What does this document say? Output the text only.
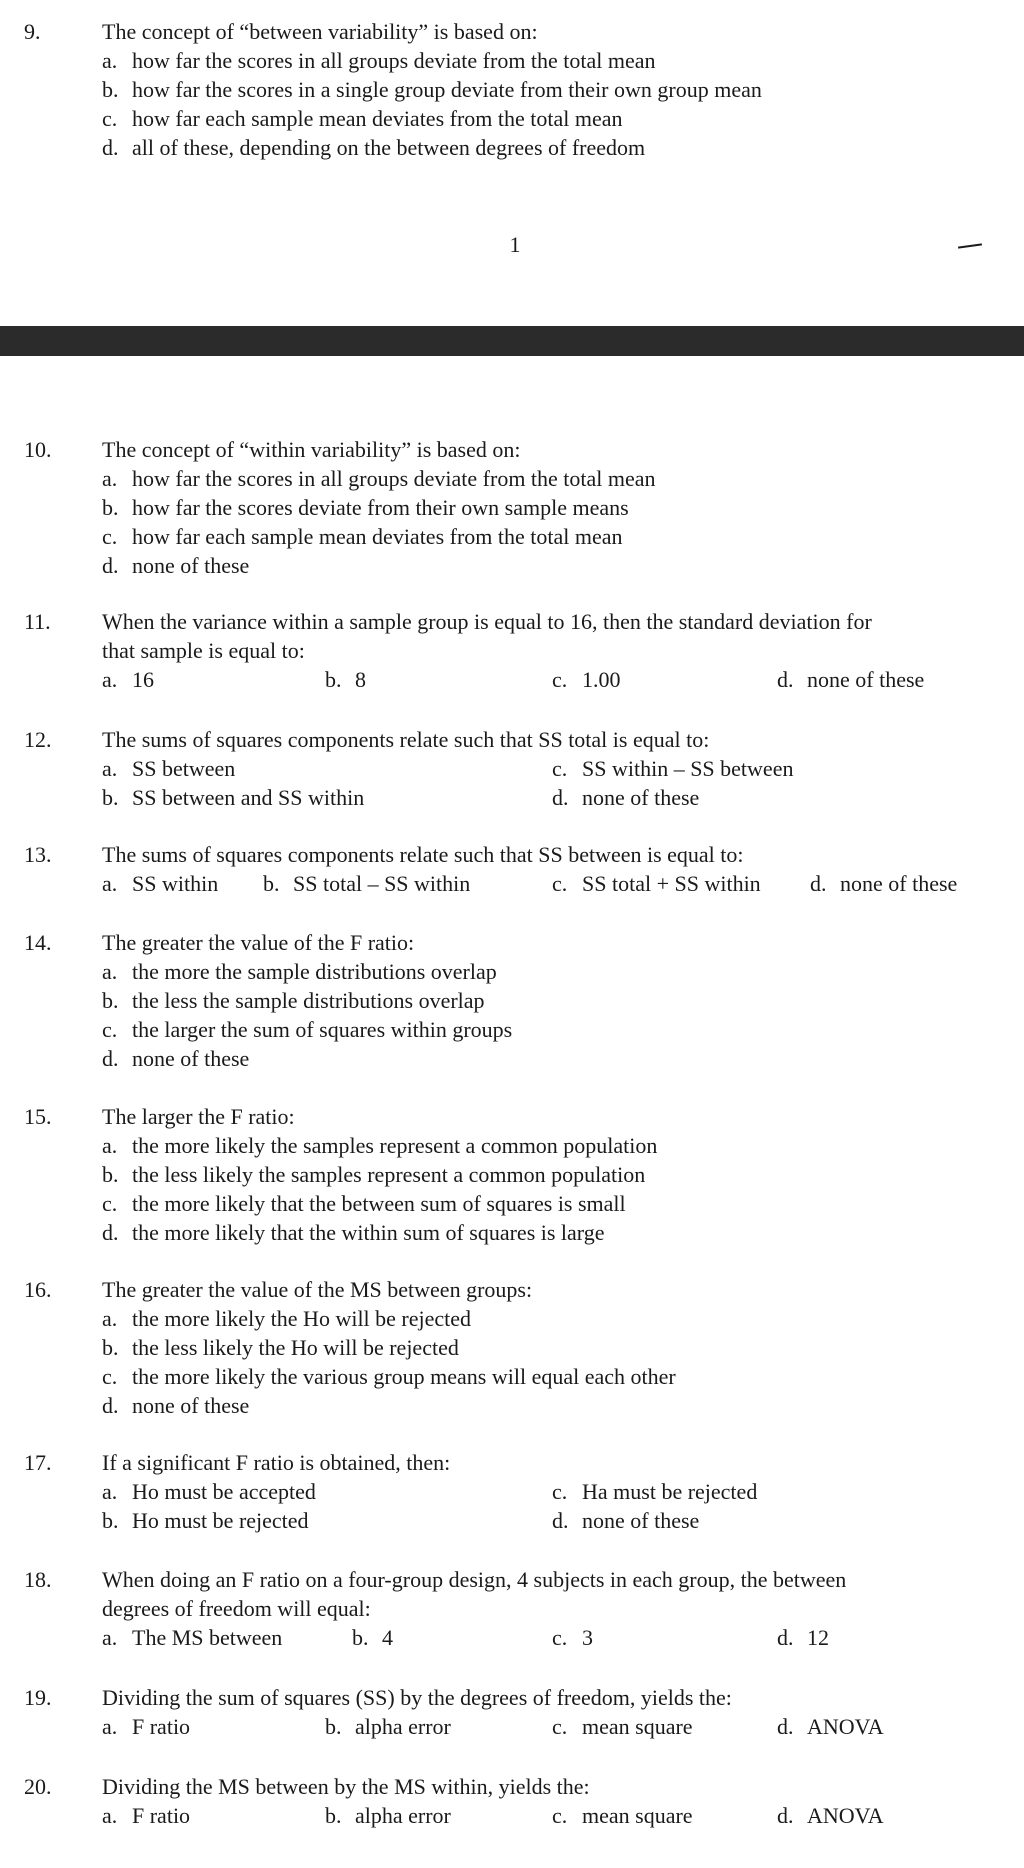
9.	The concept of “between variability” is based on:
a. how far the scores in all groups deviate from the total mean
b. how far the scores in a single group deviate from their own group mean
c. how far each sample mean deviates from the total mean
d. all of these, depending on the between degrees of freedom
1
10. The concept of “within variability” is based on:
a. how far the scores in all groups deviate from the total mean
b. how far the scores deviate from their own sample means
c. how far each sample mean deviates from the total mean
d. none of these
11. When the variance within a sample group is equal to 16, then the standard deviation for
that sample is equal to:
a. 16	b. 8	c. 1.00	d. none of these
12. The sums of squares components relate such that SS total is equal to:
a. SS between	c. SS within – SS between
b. SS between and SS within	d. none of these
13. The sums of squares components relate such that SS between is equal to:
a. SS within b. SS total – SS within	c. SS total + SS within d. none of these
14. The greater the value of the F ratio:
a. the more the sample distributions overlap
b. the less the sample distributions overlap
c. the larger the sum of squares within groups
d. none of these
15. The larger the F ratio:
a. the more likely the samples represent a common population
b. the less likely the samples represent a common population
c. the more likely that the between sum of squares is small
d. the more likely that the within sum of squares is large
16. The greater the value of the MS between groups:
a. the more likely the Ho will be rejected
b. the less likely the Ho will be rejected
c. the more likely the various group means will equal each other
d. none of these
17. If a significant F ratio is obtained, then:
a. Ho must be accepted	c. Ha must be rejected
b. Ho must be rejected	d. none of these
18. When doing an F ratio on a four-group design, 4 subjects in each group, the between
degrees of freedom will equal:
a. The MS between	b. 4	c. 3	d. 12
19. Dividing the sum of squares (SS) by the degrees of freedom, yields the:
a. F ratio	b. alpha error	c. mean square	d. ANOVA
20. Dividing the MS between by the MS within, yields the:
a. F ratio	b. alpha error	c. mean square	d. ANOVA
